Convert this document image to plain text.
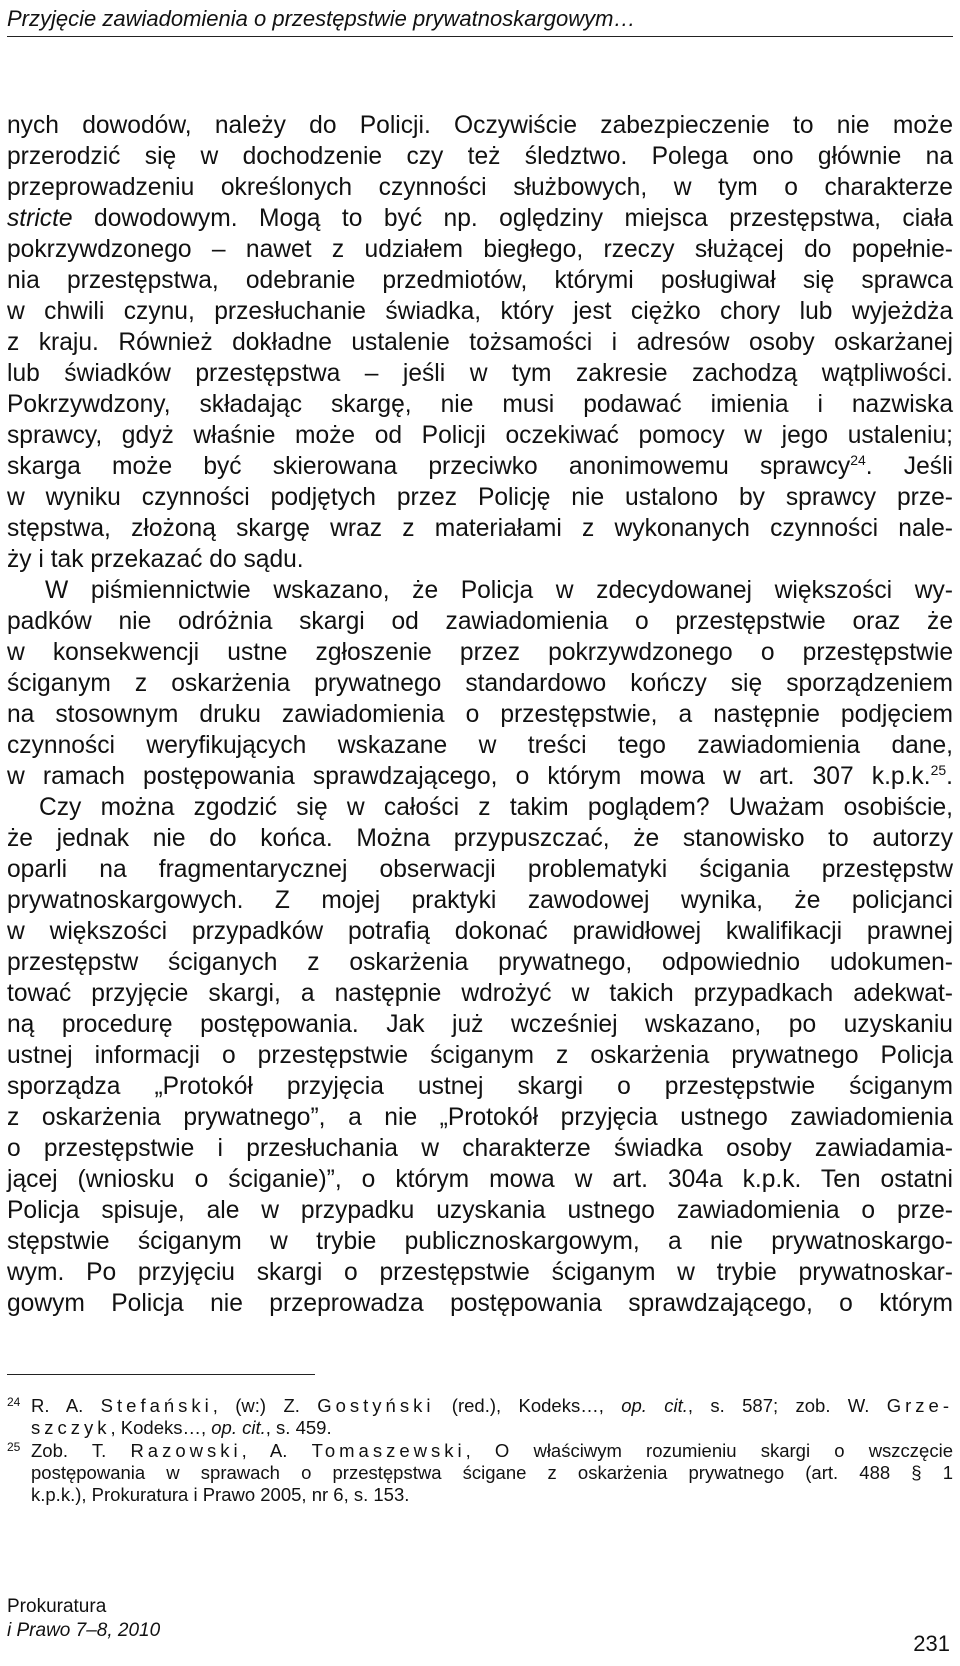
Przyjęcie zawiadomienia o przestępstwie prywatnoskargowym…
nych dowodów, należy do Policji. Oczywiście zabezpieczenie to nie może
przerodzić się w dochodzenie czy też śledztwo. Polega ono głównie na
przeprowadzeniu określonych czynności służbowych, w tym o charakterze
stricte dowodowym. Mogą to być np. oględziny miejsca przestępstwa, ciała
pokrzywdzonego – nawet z udziałem biegłego, rzeczy służącej do popełnie-
nia przestępstwa, odebranie przedmiotów, którymi posługiwał się sprawca
w chwili czynu, przesłuchanie świadka, który jest ciężko chory lub wyjeżdża
z kraju. Również dokładne ustalenie tożsamości i adresów osoby oskarżanej
lub świadków przestępstwa – jeśli w tym zakresie zachodzą wątpliwości.
Pokrzywdzony, składając skargę, nie musi podawać imienia i nazwiska
sprawcy, gdyż właśnie może od Policji oczekiwać pomocy w jego ustaleniu;
skarga może być skierowana przeciwko anonimowemu sprawcy$^{24}$. Jeśli
w wyniku czynności podjętych przez Policję nie ustalono by sprawcy prze-
stępstwa, złożoną skargę wraz z materiałami z wykonanych czynności nale-
ży i tak przekazać do sądu.
W piśmiennictwie wskazano, że Policja w zdecydowanej większości wy-
padków nie odróżnia skargi od zawiadomienia o przestępstwie oraz że
w konsekwencji ustne zgłoszenie przez pokrzywdzonego o przestępstwie
ściganym z oskarżenia prywatnego standardowo kończy się sporządzeniem
na stosownym druku zawiadomienia o przestępstwie, a następnie podjęciem
czynności weryfikujących wskazane w treści tego zawiadomienia dane,
w ramach postępowania sprawdzającego, o którym mowa w art. 307 k.p.k.$^{25}$.
Czy można zgodzić się w całości z takim poglądem? Uważam osobiście,
że jednak nie do końca. Można przypuszczać, że stanowisko to autorzy
oparli na fragmentarycznej obserwacji problematyki ścigania przestępstw
prywatnoskargowych. Z mojej praktyki zawodowej wynika, że policjanci
w większości przypadków potrafią dokonać prawidłowej kwalifikacji prawnej
przestępstw ściganych z oskarżenia prywatnego, odpowiednio udokumen-
tować przyjęcie skargi, a następnie wdrożyć w takich przypadkach adekwat-
ną procedurę postępowania. Jak już wcześniej wskazano, po uzyskaniu
ustnej informacji o przestępstwie ściganym z oskarżenia prywatnego Policja
sporządza „Protokół przyjęcia ustnej skargi o przestępstwie ściganym
z oskarżenia prywatnego”, a nie „Protokół przyjęcia ustnego zawiadomienia
o przestępstwie i przesłuchania w charakterze świadka osoby zawiadamia-
jącej (wniosku o ściganie)”, o którym mowa w art. 304a k.p.k. Ten ostatni
Policja spisuje, ale w przypadku uzyskania ustnego zawiadomienia o prze-
stępstwie ściganym w trybie publicznoskargowym, a nie prywatnoskargo-
wym. Po przyjęciu skargi o przestępstwie ściganym w trybie prywatnoskar-
gowym Policja nie przeprowadza postępowania sprawdzającego, o którym
24 R. A. Stefański, (w:) Z. Gostyński (red.), Kodeks…, op. cit., s. 587; zob. W. Grze-
szczyk, Kodeks…, op. cit., s. 459.
25 Zob. T. Razowski, A. Tomaszewski, O właściwym rozumieniu skargi o wszczęcie
postępowania w sprawach o przestępstwa ścigane z oskarżenia prywatnego (art. 488 § 1
k.p.k.), Prokuratura i Prawo 2005, nr 6, s. 153.
Prokuratura
i Prawo 7–8, 2010
231
